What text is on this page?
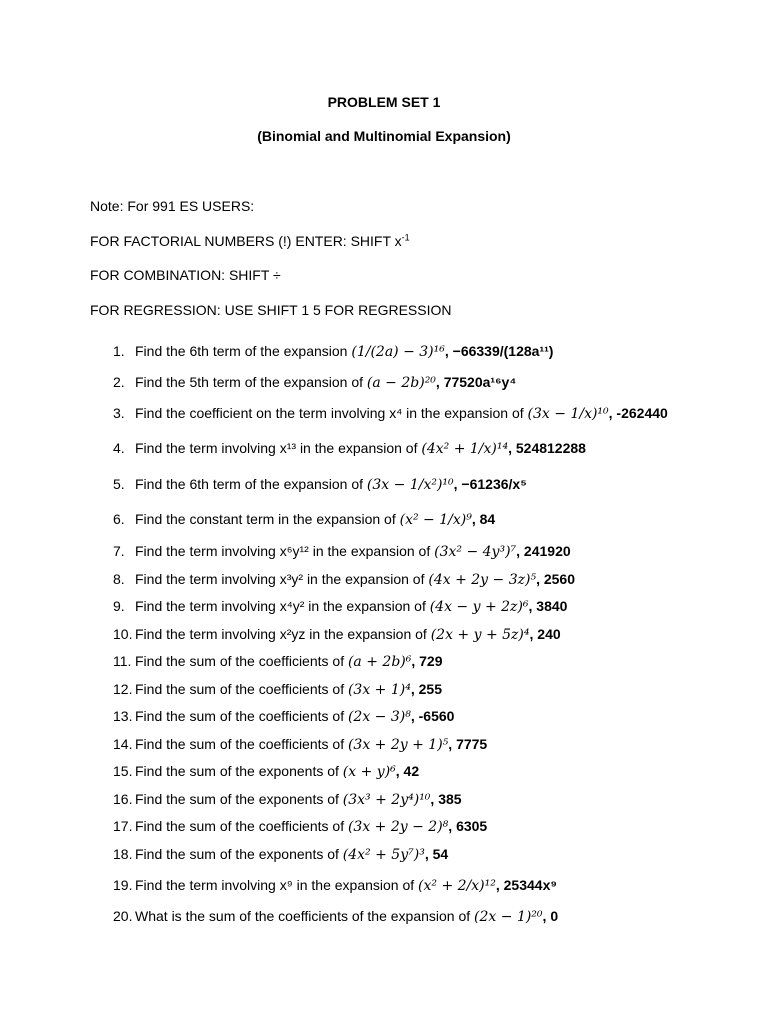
PROBLEM SET 1
(Binomial and Multinomial Expansion)
Note: For 991 ES USERS:
FOR FACTORIAL NUMBERS (!) ENTER: SHIFT $x^{-1}$
FOR COMBINATION: SHIFT ÷
FOR REGRESSION: USE SHIFT 1 5 FOR REGRESSION
1. Find the 6th term of the expansion (1/(2a) − 3)¹⁶, −66339/(128a¹¹)
2. Find the 5th term of the expansion of (a − 2b)²⁰, 77520a¹⁶y⁴
3. Find the coefficient on the term involving x⁴ in the expansion of (3x − 1/x)¹⁰, -262440
4. Find the term involving x¹³ in the expansion of (4x² + 1/x)¹⁴, 524812288
5. Find the 6th term of the expansion of (3x − 1/x²)¹⁰, −61236/x⁵
6. Find the constant term in the expansion of (x² − 1/x)⁹, 84
7. Find the term involving x⁶y¹² in the expansion of (3x² − 4y³)⁷, 241920
8. Find the term involving x³y² in the expansion of (4x + 2y − 3z)⁵, 2560
9. Find the term involving x⁴y² in the expansion of (4x − y + 2z)⁶, 3840
10. Find the term involving x²yz in the expansion of (2x + y + 5z)⁴, 240
11. Find the sum of the coefficients of (a + 2b)⁶, 729
12. Find the sum of the coefficients of (3x + 1)⁴, 255
13. Find the sum of the coefficients of (2x − 3)⁸, -6560
14. Find the sum of the coefficients of (3x + 2y + 1)⁵, 7775
15. Find the sum of the exponents of (x + y)⁶, 42
16. Find the sum of the exponents of (3x³ + 2y⁴)¹⁰, 385
17. Find the sum of the coefficients of (3x + 2y − 2)⁸, 6305
18. Find the sum of the exponents of (4x² + 5y⁷)³, 54
19. Find the term involving x⁹ in the expansion of (x² + 2/x)¹², 25344x⁹
20. What is the sum of the coefficients of the expansion of (2x − 1)²⁰, 0
